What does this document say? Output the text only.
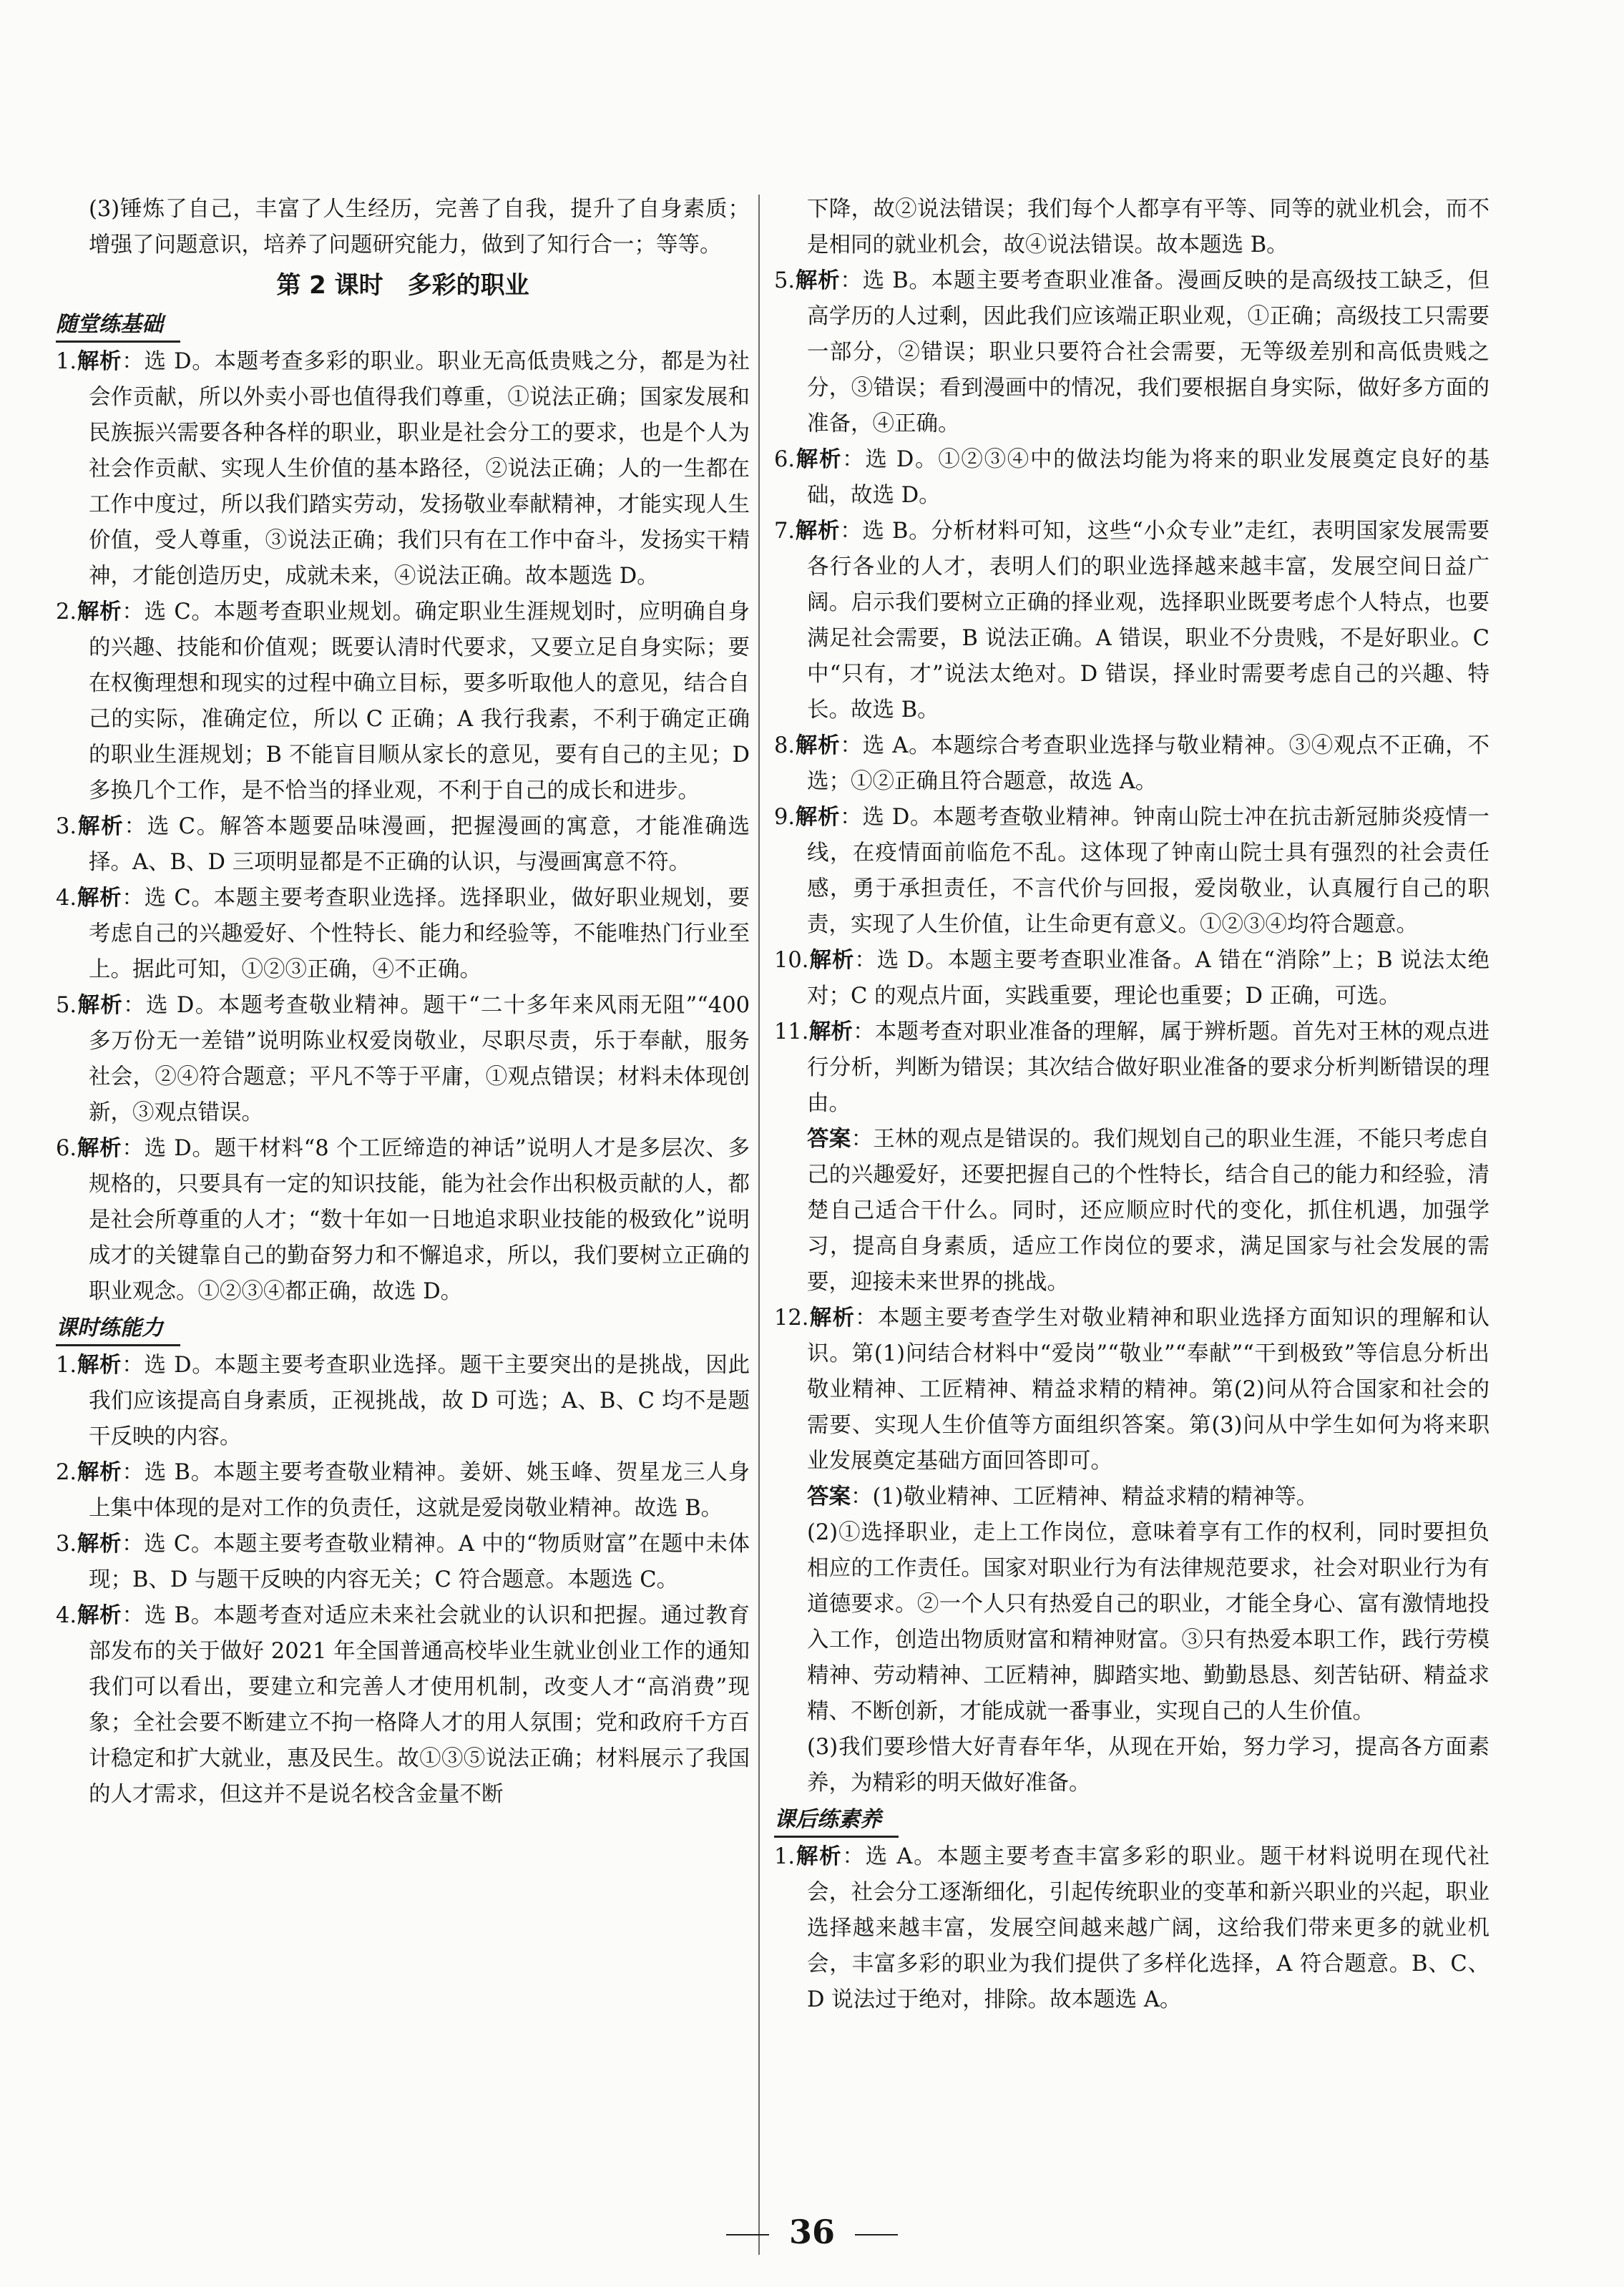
(3)锤炼了自己，丰富了人生经历，完善了自我，提升了自身素质；增强了问题意识，培养了问题研究能力，做到了知行合一；等等。

第 2 课时　多彩的职业
随堂练基础

1.解析：选 D。本题考查多彩的职业。职业无高低贵贱之分，都是为社会作贡献，所以外卖小哥也值得我们尊重，①说法正确；国家发展和民族振兴需要各种各样的职业，职业是社会分工的要求，也是个人为社会作贡献、实现人生价值的基本路径，②说法正确；人的一生都在工作中度过，所以我们踏实劳动，发扬敬业奉献精神，才能实现人生价值，受人尊重，③说法正确；我们只有在工作中奋斗，发扬实干精神，才能创造历史，成就未来，④说法正确。故本题选 D。

2.解析：选 C。本题考查职业规划。确定职业生涯规划时，应明确自身的兴趣、技能和价值观；既要认清时代要求，又要立足自身实际；要在权衡理想和现实的过程中确立目标，要多听取他人的意见，结合自己的实际，准确定位，所以 C 正确；A 我行我素，不利于确定正确的职业生涯规划；B 不能盲目顺从家长的意见，要有自己的主见；D 多换几个工作，是不恰当的择业观，不利于自己的成长和进步。

3.解析：选 C。解答本题要品味漫画，把握漫画的寓意，才能准确选择。A、B、D 三项明显都是不正确的认识，与漫画寓意不符。

4.解析：选 C。本题主要考查职业选择。选择职业，做好职业规划，要考虑自己的兴趣爱好、个性特长、能力和经验等，不能唯热门行业至上。据此可知，①②③正确，④不正确。

5.解析：选 D。本题考查敬业精神。题干“二十多年来风雨无阻”“400 多万份无一差错”说明陈业权爱岗敬业，尽职尽责，乐于奉献，服务社会，②④符合题意；平凡不等于平庸，①观点错误；材料未体现创新，③观点错误。

6.解析：选 D。题干材料“8 个工匠缔造的神话”说明人才是多层次、多规格的，只要具有一定的知识技能，能为社会作出积极贡献的人，都是社会所尊重的人才；“数十年如一日地追求职业技能的极致化”说明成才的关键靠自己的勤奋努力和不懈追求，所以，我们要树立正确的职业观念。①②③④都正确，故选 D。

课时练能力

1.解析：选 D。本题主要考查职业选择。题干主要突出的是挑战，因此我们应该提高自身素质，正视挑战，故 D 可选；A、B、C 均不是题干反映的内容。

2.解析：选 B。本题主要考查敬业精神。姜妍、姚玉峰、贺星龙三人身上集中体现的是对工作的负责任，这就是爱岗敬业精神。故选 B。

3.解析：选 C。本题主要考查敬业精神。A 中的“物质财富”在题中未体现；B、D 与题干反映的内容无关；C 符合题意。本题选 C。

4.解析：选 B。本题考查对适应未来社会就业的认识和把握。通过教育部发布的关于做好 2021 年全国普通高校毕业生就业创业工作的通知我们可以看出，要建立和完善人才使用机制，改变人才“高消费”现象；全社会要不断建立不拘一格降人才的用人氛围；党和政府千方百计稳定和扩大就业，惠及民生。故①③⑤说法正确；材料展示了我国的人才需求，但这并不是说名校含金量不断

下降，故②说法错误；我们每个人都享有平等、同等的就业机会，而不是相同的就业机会，故④说法错误。故本题选 B。

5.解析：选 B。本题主要考查职业准备。漫画反映的是高级技工缺乏，但高学历的人过剩，因此我们应该端正职业观，①正确；高级技工只需要一部分，②错误；职业只要符合社会需要，无等级差别和高低贵贱之分，③错误；看到漫画中的情况，我们要根据自身实际，做好多方面的准备，④正确。

6.解析：选 D。①②③④中的做法均能为将来的职业发展奠定良好的基础，故选 D。

7.解析：选 B。分析材料可知，这些“小众专业”走红，表明国家发展需要各行各业的人才，表明人们的职业选择越来越丰富，发展空间日益广阔。启示我们要树立正确的择业观，选择职业既要考虑个人特点，也要满足社会需要，B 说法正确。A 错误，职业不分贵贱，不是好职业。C 中“只有，才”说法太绝对。D 错误，择业时需要考虑自己的兴趣、特长。故选 B。

8.解析：选 A。本题综合考查职业选择与敬业精神。③④观点不正确，不选；①②正确且符合题意，故选 A。

9.解析：选 D。本题考查敬业精神。钟南山院士冲在抗击新冠肺炎疫情一线，在疫情面前临危不乱。这体现了钟南山院士具有强烈的社会责任感，勇于承担责任，不言代价与回报，爱岗敬业，认真履行自己的职责，实现了人生价值，让生命更有意义。①②③④均符合题意。

10.解析：选 D。本题主要考查职业准备。A 错在“消除”上；B 说法太绝对；C 的观点片面，实践重要，理论也重要；D 正确，可选。

11.解析：本题考查对职业准备的理解，属于辨析题。首先对王林的观点进行分析，判断为错误；其次结合做好职业准备的要求分析判断错误的理由。

答案：王林的观点是错误的。我们规划自己的职业生涯，不能只考虑自己的兴趣爱好，还要把握自己的个性特长，结合自己的能力和经验，清楚自己适合干什么。同时，还应顺应时代的变化，抓住机遇，加强学习，提高自身素质，适应工作岗位的要求，满足国家与社会发展的需要，迎接未来世界的挑战。

12.解析：本题主要考查学生对敬业精神和职业选择方面知识的理解和认识。第(1)问结合材料中“爱岗”“敬业”“奉献”“干到极致”等信息分析出敬业精神、工匠精神、精益求精的精神。第(2)问从符合国家和社会的需要、实现人生价值等方面组织答案。第(3)问从中学生如何为将来职业发展奠定基础方面回答即可。

答案：(1)敬业精神、工匠精神、精益求精的精神等。

(2)①选择职业，走上工作岗位，意味着享有工作的权利，同时要担负相应的工作责任。国家对职业行为有法律规范要求，社会对职业行为有道德要求。②一个人只有热爱自己的职业，才能全身心、富有激情地投入工作，创造出物质财富和精神财富。③只有热爱本职工作，践行劳模精神、劳动精神、工匠精神，脚踏实地、勤勤恳恳、刻苦钻研、精益求精、不断创新，才能成就一番事业，实现自己的人生价值。

(3)我们要珍惜大好青春年华，从现在开始，努力学习，提高各方面素养，为精彩的明天做好准备。

课后练素养

1.解析：选 A。本题主要考查丰富多彩的职业。题干材料说明在现代社会，社会分工逐渐细化，引起传统职业的变革和新兴职业的兴起，职业选择越来越丰富，发展空间越来越广阔，这给我们带来更多的就业机会，丰富多彩的职业为我们提供了多样化选择，A 符合题意。B、C、D 说法过于绝对，排除。故本题选 A。

36
